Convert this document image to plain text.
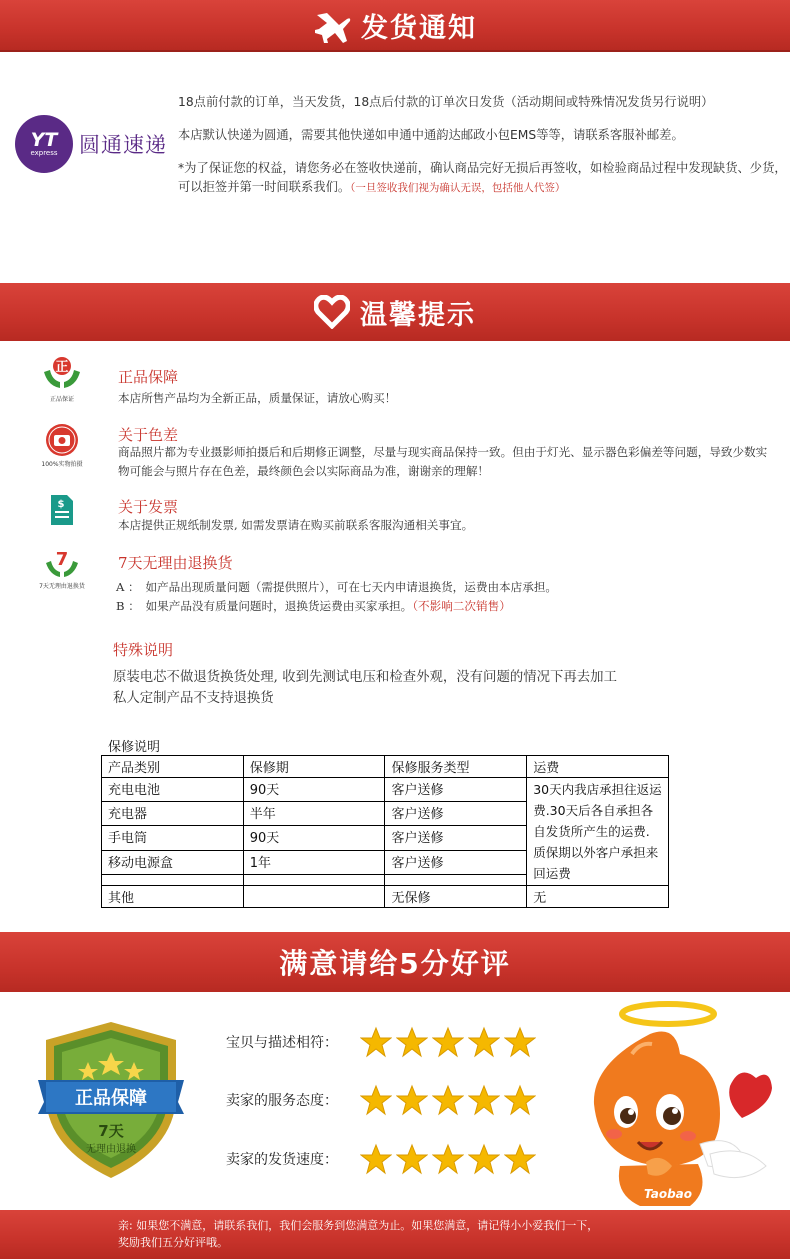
发货通知
YT
express 圆通速递

18点前付款的订单，当天发货，18点后付款的订单次日发货（活动期间或特殊情况发货另行说明）

本店默认快递为圆通，需要其他快递如申通中通韵达邮政小包EMS等等，请联系客服补邮差。

*为了保证您的权益，请您务必在签收快递前，确认商品完好无损后再签收，如检验商品过程中发现缺货、少货，可以拒签并第一时间联系我们。（一旦签收我们视为确认无误，包括他人代签）

温馨提示
正
正品保证
正品保障
本店所售产品均为全新正品，质量保证，请放心购买！
100%实物拍摄
关于色差
商品照片都为专业摄影师拍摄后和后期修正调整，尽量与现实商品保持一致。但由于灯光、显示器色彩偏差等问题，导致少数实物可能会与照片存在色差，最终颜色会以实际商品为准，谢谢亲的理解！
$	关于发票
本店提供正规纸制发票, 如需发票请在购买前联系客服沟通相关事宜。
7
7天无理由退换货
7天无理由退换货
A ：　如产品出现质量问题（需提供照片），可在七天内申请退换货，运费由本店承担。
B ：　如果产品没有质量问题时，退换货运费由买家承担。（不影响二次销售）
特殊说明
原装电芯不做退货换货处理, 收到先测试电压和检查外观，没有问题的情况下再去加工
私人定制产品不支持退换货
保修说明
产品类别	保修期	保修服务类型	运费
充电电池	90天	客户送修	30天内我店承担往返运费.30天后各自承担各自发货所产生的运费.质保期以外客户承担来回运费
充电器	半年	客户送修	
手电筒	90天	客户送修	
移动电源盒	1年	客户送修	

其他		无保修	无
满意请给5分好评
正品保障
7天
无理由退换
宝贝与描述相符：
卖家的服务态度：
卖家的发货速度：
Taobao

亲: 如果您不满意，请联系我们，我们会服务到您满意为止。如果您满意，请记得小小爱我们一下，

奖励我们五分好评哦。
